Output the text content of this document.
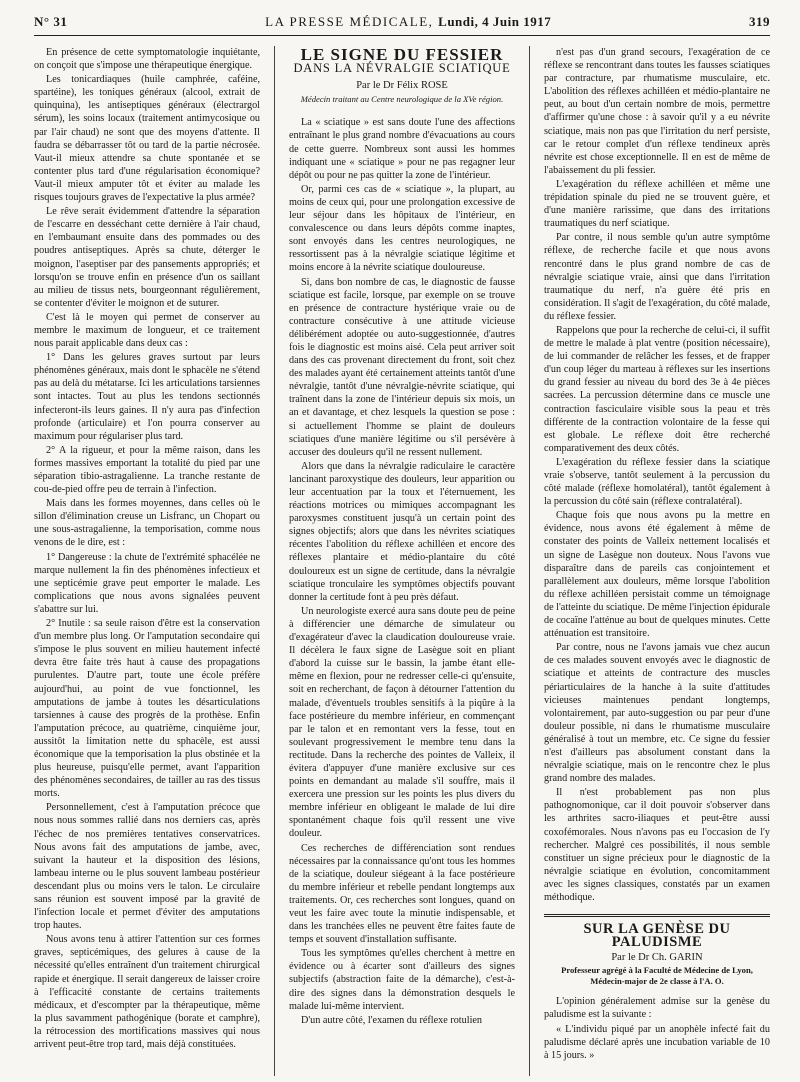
N° 31	LA PRESSE MÉDICALE, Lundi, 4 Juin 1917	319

En présence de cette symptomatologie inquiétante, on conçoit que s'impose une thérapeutique énergique.

Les tonicardiaques (huile camphrée, caféine, spartéine), les toniques généraux (alcool, extrait de quinquina), les antiseptiques généraux (électrargol sérum), les soins locaux (traitement antimycosique ou par l'air chaud) ne sont que des moyens d'attente. Il faudra se débarrasser tôt ou tard de la partie nécrosée. Vaut-il mieux attendre sa chute spontanée et se contenter plus tard d'une régularisation économique? Vaut-il mieux amputer tôt et éviter au malade les risques toujours graves de l'expectative la plus armée?

Le rêve serait évidemment d'attendre la séparation de l'escarre en desséchant cette dernière à l'air chaud, en l'embaumant ensuite dans des pommades ou des poudres antiseptiques. Après sa chute, déterger le moignon, l'aseptiser par des pansements appropriés; et lorsqu'on se trouve enfin en présence d'un os saillant au milieu de tissus nets, bourgeonnant régulièrement, se contenter d'éviter le moignon et de suturer.

C'est là le moyen qui permet de conserver au membre le maximum de longueur, et ce traitement nous parait applicable dans deux cas :

1° Dans les gelures graves surtout par leurs phénomènes généraux, mais dont le sphacèle ne s'étend pas au delà du métatarse. Ici les articulations tarsiennes sont intactes. Tout au plus les tendons sectionnés infecteront-ils leurs gaines. Il n'y aura pas d'infection profonde (articulaire) et l'on pourra conserver au maximum pour régulariser plus tard.

2° A la rigueur, et pour la même raison, dans les formes massives emportant la totalité du pied par une séparation tibio-astragalienne. La tranche restante de cou-de-pied offre peu de terrain à l'infection.

Mais dans les formes moyennes, dans celles où le sillon d'élimination creuse un Lisfranc, un Chopart ou une sous-astragalienne, la temporisation, comme nous venons de le dire, est :

1° Dangereuse : la chute de l'extrémité sphacélée ne marque nullement la fin des phénomènes infectieux et une septicémie grave peut emporter le malade. Les complications que nous avons signalées peuvent s'abattre sur lui.

2° Inutile : sa seule raison d'être est la conservation d'un membre plus long. Or l'amputation secondaire qui s'impose le plus souvent en milieu hautement infecté devra être faite très haut à cause des propagations purulentes. D'autre part, toute une école préfère aujourd'hui, au point de vue fonctionnel, les amputations de jambe à toutes les désarticulations tarsiennes à cause des progrès de la prothèse. Enfin l'amputation précoce, au quatrième, cinquième jour, aussitôt la limitation nette du sphacèle, est aussi économique que la temporisation la plus obstinée et la plus heureuse, puisqu'elle permet, avant l'apparition des phénomènes secondaires, de tailler au ras des tissus morts.

Personnellement, c'est à l'amputation précoce que nous nous sommes rallié dans nos derniers cas, après l'échec de nos premières tentatives conservatrices. Nous avons fait des amputations de jambe, avec, suivant la hauteur et la disposition des lésions, lambeau interne ou le plus souvent lambeau postérieur descendant plus ou moins vers le talon. Le circulaire sans réunion est souvent imposé par la gravité de l'infection locale et permet d'éviter des amputations trop hautes.

Nous avons tenu à attirer l'attention sur ces formes graves, septicémiques, des gelures à cause de la nécessité qu'elles entraînent d'un traitement chirurgical rapide et énergique. Il serait dangereux de laisser croire à l'efficacité constante de certains traitements médicaux, et d'escompter par la thérapeutique, même la plus savamment pathogénique (borate et camphre), la rétrocession des mortifications massives qui nous arrivent peut-être trop tard, mais déjà constituées.

LE SIGNE DU FESSIER
DANS LA NÉVRALGIE SCIATIQUE
Par le Dr Félix ROSE
Médecin traitant au Centre neurologique de la XVe région.

La « sciatique » est sans doute l'une des affections entraînant le plus grand nombre d'évacuations au cours de cette guerre. Nombreux sont aussi les hommes indiquant une « sciatique » pour ne pas regagner leur dépôt ou pour ne pas quitter la zone de l'intérieur.

Or, parmi ces cas de « sciatique », la plupart, au moins de ceux qui, pour une prolongation excessive de leur séjour dans les hôpitaux de l'intérieur, en convalescence ou dans leurs dépôts comme inaptes, sont envoyés dans les centres neurologiques, ne ressortissent pas à la névralgie sciatique légitime et moins encore à la névrite sciatique douloureuse.

Si, dans bon nombre de cas, le diagnostic de fausse sciatique est facile, lorsque, par exemple on se trouve en présence de contracture hystérique vraie ou de contracture consécutive à une attitude vicieuse délibérément adoptée ou auto-suggestionnée, d'autres fois le diagnostic est moins aisé. Cela peut arriver soit dans des cas provenant directement du front, soit chez des malades ayant été certainement atteints tantôt d'une névralgie, tantôt d'une névralgie-névrite sciatique, qui traînent dans la zone de l'intérieur depuis six mois, un an et davantage, et chez lesquels la question se pose : si actuellement l'homme se plaint de douleurs sciatiques d'une manière légitime ou s'il persévère à accuser des douleurs qu'il ne ressent nullement.

Alors que dans la névralgie radiculaire le caractère lancinant paroxystique des douleurs, leur apparition ou leur accentuation par la toux et l'éternuement, les réactions motrices ou mimiques accompagnant les paroxysmes constituent jusqu'à un certain point des signes objectifs; alors que dans les névrites sciatiques récentes l'abolition du réflexe achilléen et encore des réflexes plantaire et médio-plantaire du côté douloureux est un signe de certitude, dans la névralgie sciatique tronculaire les symptômes objectifs pouvant donner la certitude font à peu près défaut.

Un neurologiste exercé aura sans doute peu de peine à différencier une démarche de simulateur ou d'exagérateur d'avec la claudication douloureuse vraie. Il décèlera le faux signe de Lasègue soit en pliant d'abord la cuisse sur le bassin, la jambe étant elle-même en flexion, pour ne redresser celle-ci qu'ensuite, soit en recherchant, de façon à détourner l'attention du malade, d'éventuels troubles sensitifs à la piqûre à la face postérieure du membre inférieur, en commençant par le talon et en remontant vers la fesse, tout en soulevant progressivement le membre tenu dans la rectitude. Dans la recherche des pointes de Valleix, il évitera d'appuyer d'une manière exclusive sur ces points en demandant au malade s'il souffre, mais il exercera une pression sur les points les plus divers du membre inférieur en obligeant le malade de lui dire spontanément chaque fois qu'il ressent une vive douleur.

Ces recherches de différenciation sont rendues nécessaires par la connaissance qu'ont tous les hommes de la sciatique, douleur siégeant à la face postérieure du membre inférieur et rebelle pendant longtemps aux traitements. Or, ces recherches sont longues, quand on veut les faire avec toute la minutie indispensable, et dans les tranchées elles ne peuvent être faites faute de temps et souvent d'installation suffisante.

Tous les symptômes qu'elles cherchent à mettre en évidence ou à écarter sont d'ailleurs des signes subjectifs (abstraction faite de la démarche), c'est-à-dire des signes dans la démonstration desquels le malade lui-même intervient.

D'un autre côté, l'examen du réflexe rotulien

n'est pas d'un grand secours, l'exagération de ce réflexe se rencontrant dans toutes les fausses sciatiques par contracture, par rhumatisme musculaire, etc. L'abolition des réflexes achilléen et médio-plantaire ne peut, au bout d'un certain nombre de mois, permettre d'affirmer qu'une chose : à savoir qu'il y a eu névrite sciatique, mais non pas que l'irritation du nerf persiste, car le retour complet d'un réflexe tendineux après névrite est chose exceptionnelle. Il en est de même de l'abaissement du pli fessier.

L'exagération du réflexe achilléen et même une trépidation spinale du pied ne se trouvent guère, et d'une manière rarissime, que dans des irritations traumatiques du nerf sciatique.

Par contre, il nous semble qu'un autre symptôme réflexe, de recherche facile et que nous avons rencontré dans le plus grand nombre de cas de névralgie sciatique vraie, ainsi que dans l'irritation traumatique du nerf, n'a guère été pris en considération. Il s'agit de l'exagération, du côté malade, du réflexe fessier.

Rappelons que pour la recherche de celui-ci, il suffit de mettre le malade à plat ventre (position nécessaire), de lui commander de relâcher les fesses, et de frapper d'un coup léger du marteau à réflexes sur les insertions du grand fessier au niveau du bord des 3e à 4e pièces sacrées. La percussion détermine dans ce muscle une contraction fasciculaire visible sous la peau et très différente de la contraction volontaire de la fesse qui est globale. Le réflexe doit être recherché comparativement des deux côtés.

L'exagération du réflexe fessier dans la sciatique vraie s'observe, tantôt seulement à la percussion du côté malade (réflexe homolatéral), tantôt également à la percussion du côté sain (réflexe contralatéral).

Chaque fois que nous avons pu la mettre en évidence, nous avons été également à même de constater des points de Valleix nettement localisés et un signe de Lasègue non douteux. Nous l'avons vue disparaître dans de pareils cas conjointement et parallèlement aux douleurs, même lorsque l'abolition du réflexe achilléen persistait comme un témoignage de l'atteinte du sciatique. De même l'injection épidurale de cocaïne l'atténue au bout de quelques minutes. Cette atténuation est transitoire.

Par contre, nous ne l'avons jamais vue chez aucun de ces malades souvent envoyés avec le diagnostic de sciatique et atteints de contracture des muscles périarticulaires de la hanche à la suite d'attitudes vicieuses maintenues pendant longtemps, volontairement, par auto-suggestion ou par peur d'une douleur possible, ni dans le rhumatisme musculaire généralisé à tout un membre, etc. Ce signe du fessier n'est d'ailleurs pas absolument constant dans la névralgie sciatique, mais on le rencontre chez le plus grand nombre des malades.

Il n'est probablement pas non plus pathognomonique, car il doit pouvoir s'observer dans les arthrites sacro-iliaques et peut-être aussi coxofémorales. Nous n'avons pas eu l'occasion de l'y rechercher. Malgré ces possibilités, il nous semble constituer un signe précieux pour le diagnostic de la névralgie sciatique en évolution, concomitamment avec les signes classiques, constatés par un examen méthodique.

SUR LA GENÈSE DU PALUDISME
Par le Dr Ch. GARIN
Professeur agrégé à la Faculté de Médecine de Lyon,
Médecin-major de 2e classe à l'A. O.

L'opinion généralement admise sur la genèse du paludisme est la suivante :

« L'individu piqué par un anophèle infecté fait du paludisme déclaré après une incubation variable de 10 à 15 jours. »
